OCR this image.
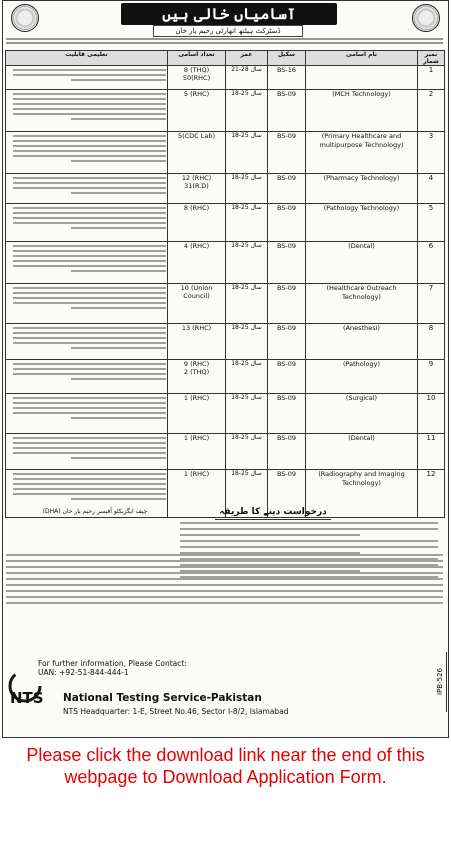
آسامیاں خالی ہیں
ڈسٹرکٹ ہیلتھ اتھارٹی رحیم یار خان
تعلیمی قابلیت	تعداد آسامی	عمر	سکیل	نام آسامی	نمبر شمار

	8 (THQ)
50(RHC)	21-28 سال	BS-16		1

	5 (RHC)	18-25 سال	BS-09	(MCH Technology)	2

	5(CDC Lab)	18-25 سال	BS-09	(Primary Healthcare and multipurpose Technology)	3

	12 (RHC)
31(R.D)	18-25 سال	BS-09	(Pharmacy Technology)	4

	8 (RHC)	18-25 سال	BS-09	(Pathology Technology)	5

	4 (RHC)	18-25 سال	BS-09	(Dental)	6

	10 (Union
Council)	18-25 سال	BS-09	(Healthcare Outreach Technology)	7

	13 (RHC)	18-25 سال	BS-09	(Anesthesi)	8

	9 (RHC)
2 (THQ)	18-25 سال	BS-09	(Pathology)	9

	1 (RHC)	18-25 سال	BS-09	(Surgical)	10

	1 (RHC)	18-25 سال	BS-09	(Dental)	11

	1 (RHC)	18-25 سال	BS-09	(Radiography and Imaging Technology)	12
(DHA) چیف ایگزیکٹو آفیسر رحیم یار خان	درخواست دینے کا طریقہ
For further information, Please Contact:
UAN: +92-51-844-444-1
NTS National Testing Service-Pakistan
NTS Headquarter: 1-E, Street No.46, Sector I-8/2, Islamabad
IPB-526
Please click the download link near the end of this webpage to Download Application Form.
